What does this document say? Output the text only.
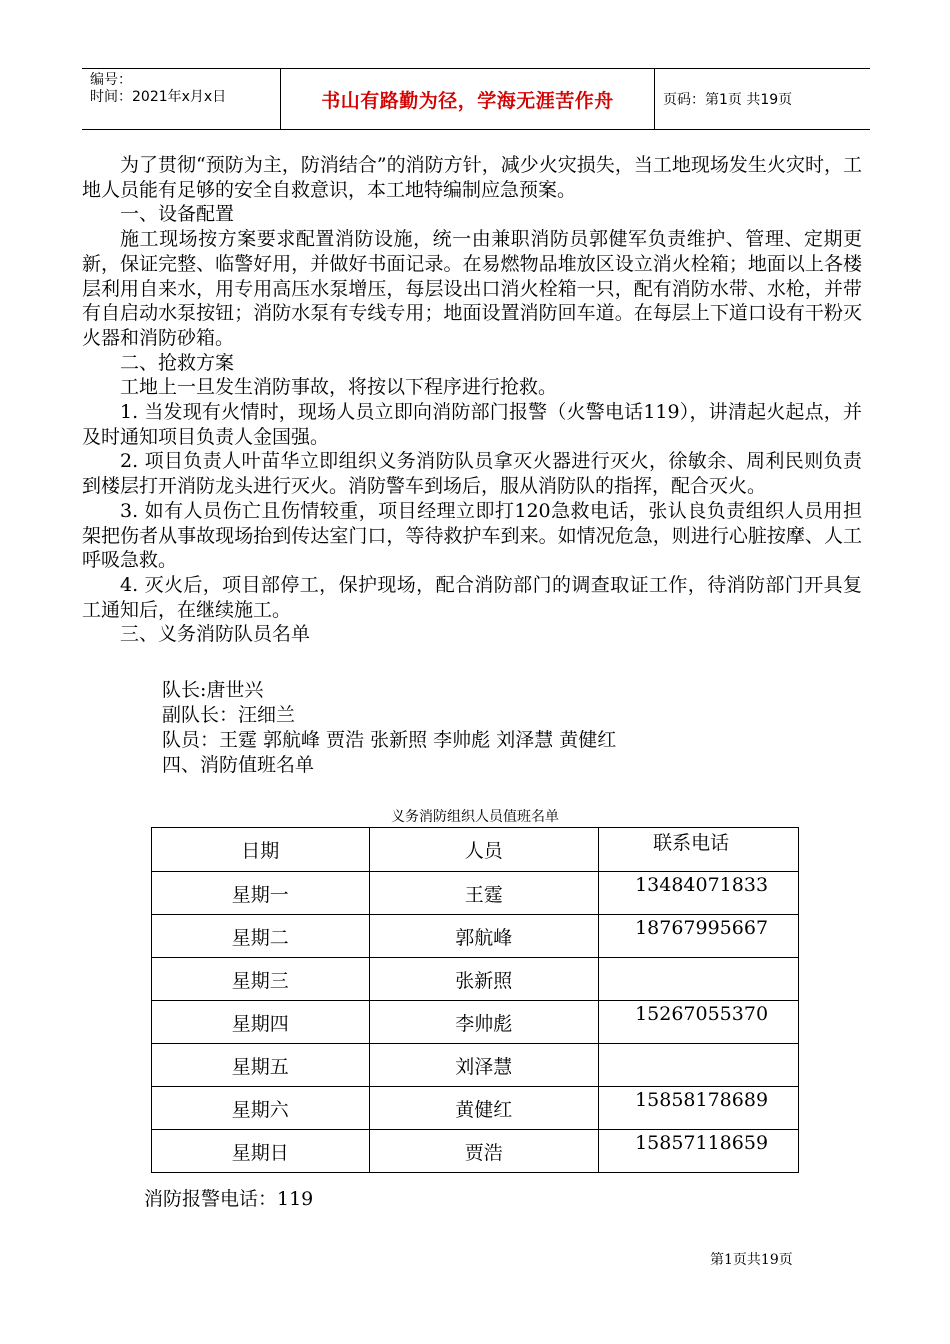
编号：
时间：2021年x月x日	书山有路勤为径，学海无涯苦作舟	页码：第1页 共19页

为了贯彻“预防为主，防消结合”的消防方针，减少火灾损失，当工地现场发生火灾时，工地人员能有足够的安全自救意识，本工地特编制应急预案。

一、设备配置

施工现场按方案要求配置消防设施，统一由兼职消防员郭健军负责维护、管理、定期更新，保证完整、临警好用，并做好书面记录。在易燃物品堆放区设立消火栓箱；地面以上各楼层利用自来水，用专用高压水泵增压，每层设出口消火栓箱一只，配有消防水带、水枪，并带有自启动水泵按钮；消防水泵有专线专用；地面设置消防回车道。在每层上下道口设有干粉灭火器和消防砂箱。

二、抢救方案

工地上一旦发生消防事故，将按以下程序进行抢救。

1. 当发现有火情时，现场人员立即向消防部门报警（火警电话119），讲清起火起点，并及时通知项目负责人金国强。

2. 项目负责人叶苗华立即组织义务消防队员拿灭火器进行灭火，徐敏余、周利民则负责到楼层打开消防龙头进行灭火。消防警车到场后，服从消防队的指挥，配合灭火。

3. 如有人员伤亡且伤情较重，项目经理立即打120急救电话，张认良负责组织人员用担架把伤者从事故现场抬到传达室门口，等待救护车到来。如情况危急，则进行心脏按摩、人工呼吸急救。

4. 灭火后，项目部停工，保护现场，配合消防部门的调查取证工作，待消防部门开具复工通知后，在继续施工。

三、义务消防队员名单

队长:唐世兴
副队长：汪细兰
队员：王霆 郭航峰 贾浩 张新照 李帅彪 刘泽慧 黄健红
四、消防值班名单
义务消防组织人员值班名单
日期	人员	联系电话
星期一	王霆	13484071833
星期二	郭航峰	18767995667
星期三	张新照	
星期四	李帅彪	15267055370
星期五	刘泽慧	
星期六	黄健红	15858178689
星期日	贾浩	15857118659
消防报警电话：119
第1页共19页
